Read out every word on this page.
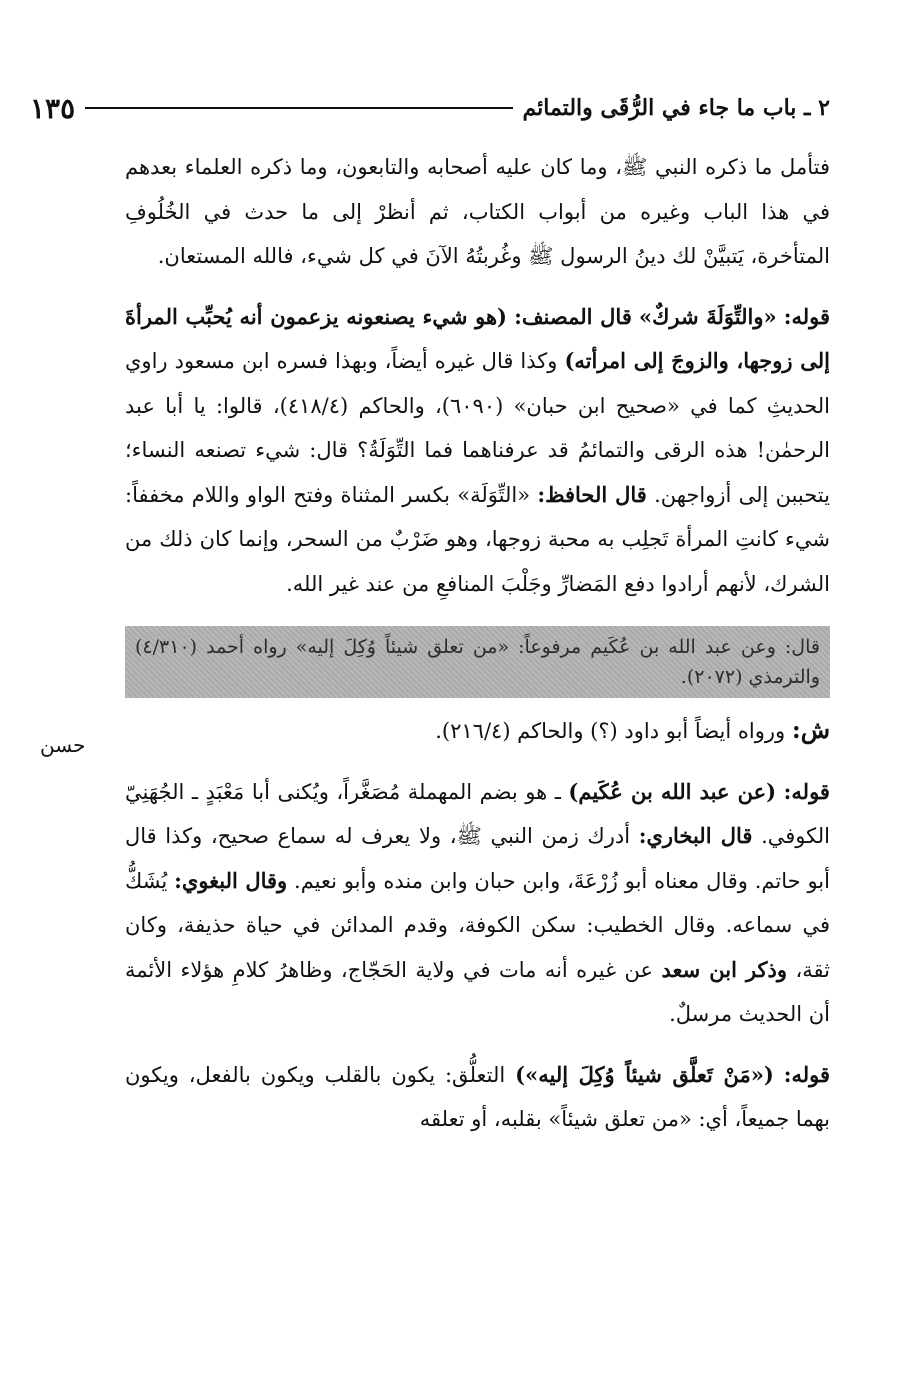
٢ ـ باب ما جاء في الرُّقَى والتمائم
١٣٥

فتأمل ما ذكره النبي ﷺ، وما كان عليه أصحابه والتابعون، وما ذكره العلماء بعدهم في هذا الباب وغيره من أبواب الكتاب، ثم أنظرْ إلى ما حدث في الخُلُوفِ المتأخرة، يَتبيَّنْ لك دينُ الرسول ﷺ وغُربتُهُ الآنَ في كل شيء، فالله المستعان.

قوله: «والتِّوَلَةَ شركٌ» قال المصنف: (هو شيء يصنعونه يزعمون أنه يُحبِّب المرأةَ إلى زوجها، والزوجَ إلى امرأته) وكذا قال غيره أيضاً، وبهذا فسره ابن مسعود راوي الحديثِ كما في «صحيح ابن حبان» (٦٠٩٠)، والحاكم (٤١٨/٤)، قالوا: يا أبا عبد الرحمٰن! هذه الرقى والتمائمُ قد عرفناهما فما التِّوَلَةُ؟ قال: شيء تصنعه النساء؛ يتحببن إلى أزواجهن. قال الحافظ: «التِّوَلَة» بكسر المثناة وفتح الواو واللام مخففاً: شيء كانتِ المرأة تَجلِب به محبة زوجها، وهو ضَرْبٌ من السحر، وإنما كان ذلك من الشرك، لأنهم أرادوا دفع المَضارِّ وجَلْبَ المنافعِ من عند غير الله.

قال: وعن عبد الله بن عُكَيم مرفوعاً: «من تعلق شيئاً وُكِلَ إليه» رواه أحمد (٤/٣١٠) والترمذي (٢٠٧٢).

ش: ورواه أيضاً أبو داود (؟) والحاكم (٢١٦/٤).

قوله: (عن عبد الله بن عُكَيم) ـ هو بضم المهملة مُصَغَّراً، ويُكنى أبا مَعْبَدٍ ـ الجُهَنِيّ الكوفي. قال البخاري: أدرك زمن النبي ﷺ، ولا يعرف له سماع صحيح، وكذا قال أبو حاتم. وقال معناه أبو زُرْعَةَ، وابن حبان وابن منده وأبو نعيم. وقال البغوي: يُشَكُّ في سماعه. وقال الخطيب: سكن الكوفة، وقدم المدائن في حياة حذيفة، وكان ثقة، وذكر ابن سعد عن غيره أنه مات في ولاية الحَجّاج، وظاهرُ كلامِ هؤلاء الأئمة أن الحديث مرسلٌ.

قوله: («مَنْ تَعلَّق شيئاً وُكِلَ إليه») التعلُّق: يكون بالقلب ويكون بالفعل، ويكون بهما جميعاً، أي: «من تعلق شيئاً» بقلبه، أو تعلقه

حسن
